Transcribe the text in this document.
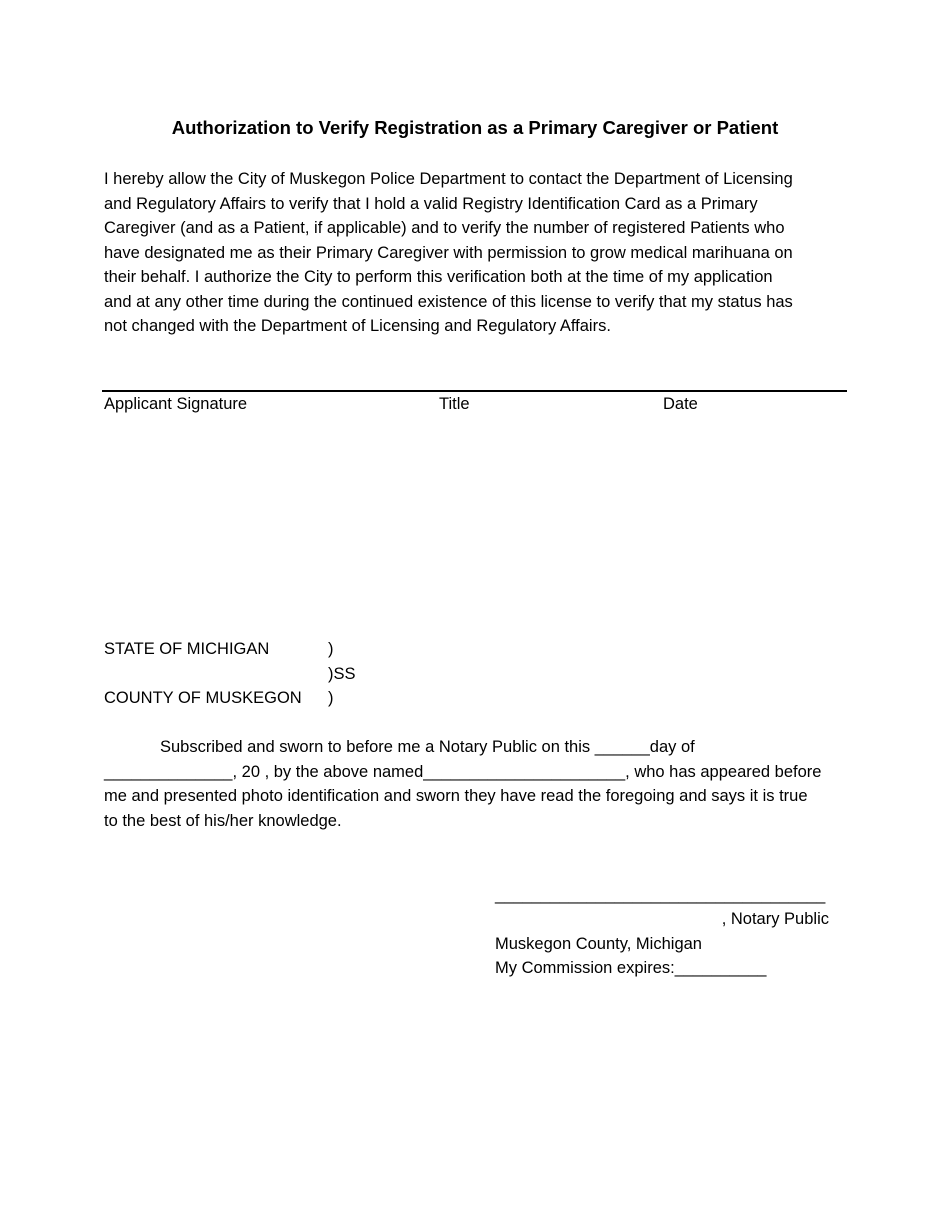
Authorization to Verify Registration as a Primary Caregiver or Patient
I hereby allow the City of Muskegon Police Department to contact the Department of Licensing
and Regulatory Affairs to verify that I hold a valid Registry Identification Card as a Primary
Caregiver (and as a Patient, if applicable) and to verify the number of registered Patients who
have designated me as their Primary Caregiver with permission to grow medical marihuana on
their behalf. I authorize the City to perform this verification both at the time of my application
and at any other time during the continued existence of this license to verify that my status has
not changed with the Department of Licensing and Regulatory Affairs.
Applicant Signature	Title	Date
STATE OF MICHIGAN	)
)SS
COUNTY OF MUSKEGON )
Subscribed and sworn to before me a Notary Public on this ______day of
______________, 20 , by the above named______________________, who has appeared before
me and presented photo identification and sworn they have read the foregoing and says it is true
to the best of his/her knowledge.
____________________________________
, Notary Public
Muskegon County, Michigan
My Commission expires:__________
